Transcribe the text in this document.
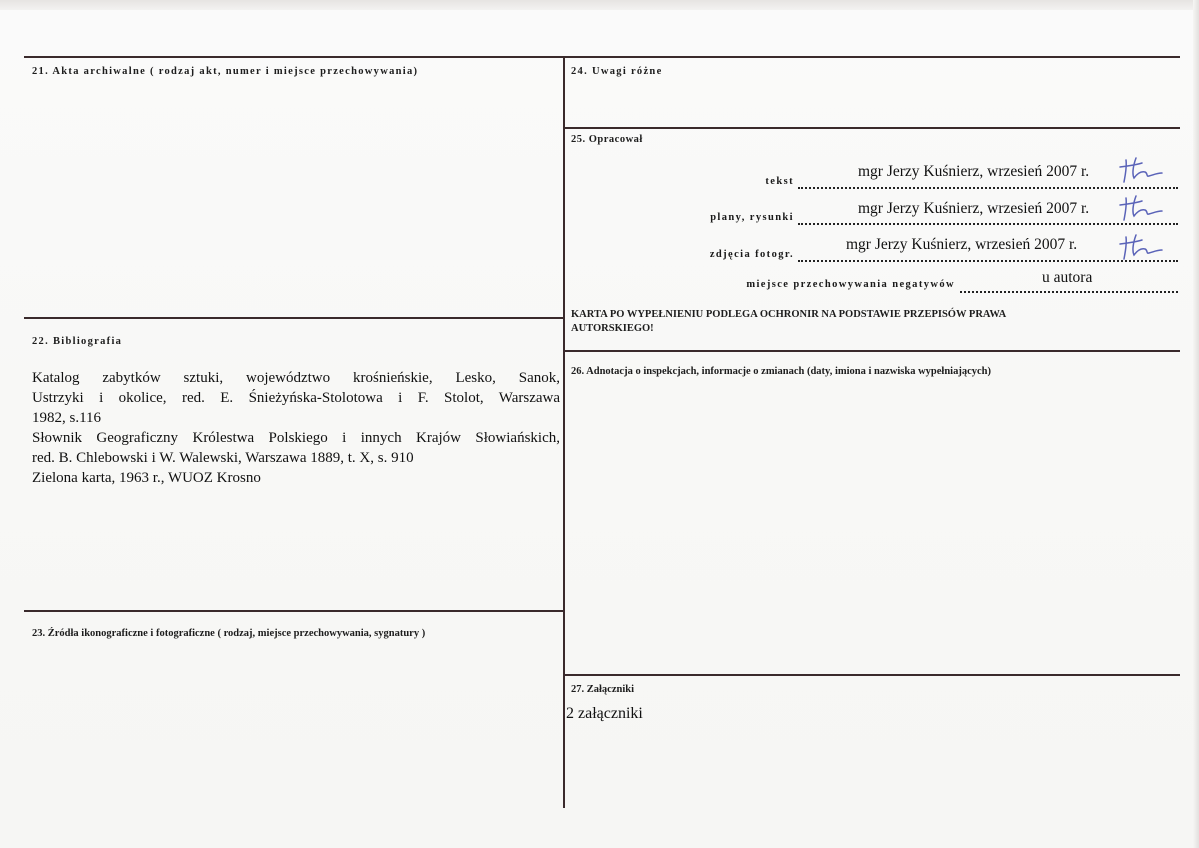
21. Akta archiwalne ( rodzaj akt, numer i miejsce przechowywania)
22. Bibliografia
Katalog zabytków sztuki, województwo krośnieńskie, Lesko, Sanok,
Ustrzyki i okolice, red. E. Śnieżyńska-Stolotowa i F. Stolot, Warszawa
1982, s.116
Słownik Geograficzny Królestwa Polskiego i innych Krajów Słowiańskich,
red. B. Chlebowski i W. Walewski, Warszawa 1889, t. X, s. 910
Zielona karta, 1963 r., WUOZ Krosno
23. Źródła ikonograficzne i fotograficzne ( rodzaj, miejsce przechowywania, sygnatury )
24. Uwagi różne
25. Opracował
tekst
mgr Jerzy Kuśnierz, wrzesień 2007 r.
plany, rysunki
mgr Jerzy Kuśnierz, wrzesień 2007 r.
zdjęcia fotogr.
mgr Jerzy Kuśnierz, wrzesień 2007 r.
miejsce przechowywania negatywów	u autora
KARTA PO WYPEŁNIENIU PODLEGA OCHRONIR NA PODSTAWIE PRZEPISÓW PRAWA
AUTORSKIEGO!
26. Adnotacja o inspekcjach, informacje o zmianach (daty, imiona i nazwiska wypełniających)
27. Załączniki
2 załączniki
